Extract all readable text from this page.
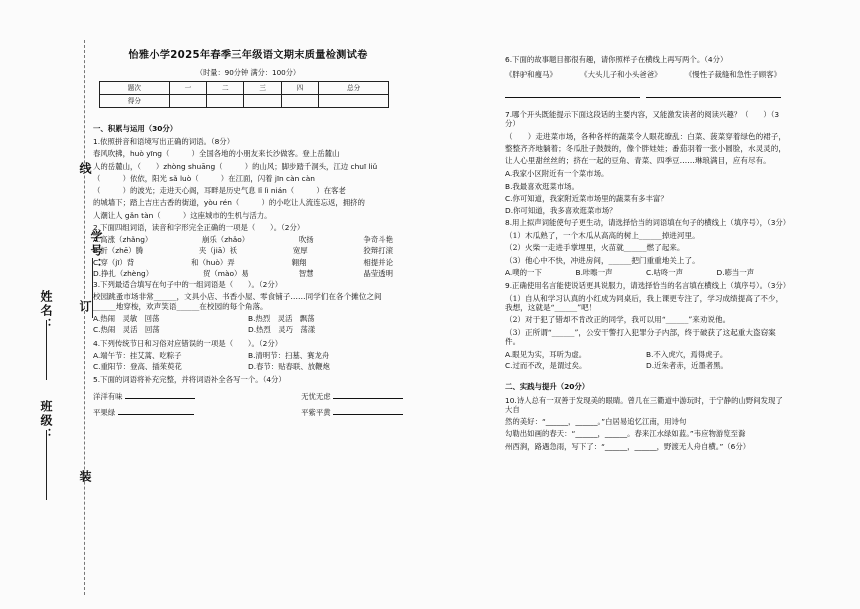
班级：
姓名：
学号：
线
订
装
怡雅小学2025年春季三年级语文期末质量检测试卷
（时量：90分钟 满分：100分）
题次	一	二	三	四	总分
得分					
一、积累与运用（30分）

1.依照拼音和语境写出正确的词语。（8分）

春风吹拂，huò yīng（　　　）全国各地的小朋友来长沙做客。登上岳麓山

人的岳麓山，（　　）zhòng shuāng（　　　）的山风；脚步踏千洞头，江边 chuī liǔ

（　　　）依依，阳光 sǎ luò（　　　）在江面，闪着 jīn càn càn

（　　　）的波光；走进天心阁，耳畔是历史气息 lǐ lì nián（　　　）在客老

的城墙下；踏上吉庄古香的街道，yòu rén（　　　）的小吃让人流连忘返，拥挤的

人潮让人 gǎn tàn（　　　）这座城市的生机与活力。

2.下面四组词语，读音和字形完全正确的一项是（　　）。（2分）

A.高涨（zhǎng）	崩乐（zhǎo）	吹扬	争奇斗艳
B.折（zhē）腾	夹（jiā）袄	宽厚	狡辩打滚
C.穿（jī）背	和（huò）弄	翱翔	相提并论
D.挣扎（zhèng）	贸（mào）易	智慧	晶莹透明

3.下列最适合填写在句子中的一组词语是（　　）。（2分）

校园跳蚤市场非常______，文具小店、书香小屋、零食铺子……同学们在各个摊位之间______地穿梭，欢声笑语______在校园的每个角落。

A.热闹　灵敏　回荡	B.热烈　灵活　飘荡
C.热闹　灵活　回荡	D.热烈　灵巧　荡漾

4.下列传统节日和习俗对应错误的一项是（　　）。（2分）

A.端午节：挂艾蒿、吃粽子	B.清明节：扫墓、赛龙舟
C.重阳节：登高、插茱萸花	D.春节：贴春联、放鞭炮

5.下面的词语将补充完整，并将词语补全各写一个。（4分）

洋洋有味	无忧无虑
平果绿	平紫平黄

6.下面的故事题目都很有趣，请你照样子在横线上再写两个。（4分）

《胖驴和瘦马》	《大头儿子和小头爸爸》	《慢性子裁缝和急性子顾客》

7.哪个开头既能提示下面这段话的主要内容，又能激发读者的阅读兴趣？（　　）（3分）

（　　）走进菜市场，各种各样的蔬菜令人眼花缭乱：白菜、菠菜穿着绿色的裙子，整整齐齐地躺着；冬瓜肚子鼓鼓的，像个胖娃娃；番茄羽着一张小圆脸，水灵灵的，让人心里甜丝丝的；挤在一起的豆角、青菜、四季豆……琳琅满目，应有尽有。

A.我家小区附近有一个菜市场。

B.我最喜欢逛菜市场。

C.你可知道，我家附近菜市场里的蔬菜有多丰富？

D.你可知道，我多喜欢逛菜市场？

8.用上拟声词能使句子更生动，请选择恰当的词语填在句子的横线上（填序号），（3分）

（1）木瓜熟了，一个木瓜从高高的树上______掉进河里。

（2）火柴一走进手掌埋里，火苗就______燃了起来。

（3）他心中不快，冲进房间，______把门重重地关上了。

A.噗的一下	B.咔嚓一声	C.咕咚一声	D.嘭当一声

9.正确使用名言能使说话更具说服力，请选择恰当的名言填在横线上（填序号）。（3分）

（1）自从和学习认真的小红成为同桌后，我上课更专注了，学习成绩提高了不少，我想，这就是“______”吧！

（2）对于犯了错却不肯改正的同学，我可以用“______”来劝说他。

（3）正所谓“______”，公安干警打入犯罪分子内部，终于破获了这起重大盗窃案件。

A.眼见为实，耳听为虚。	B.不入虎穴，焉得虎子。
C.过而不改，是谓过矣。	D.近朱者赤，近墨者黑。
二、实践与提升（20分）

10.诗人总有一双善于发现美的眼睛。曾几在三衢道中游玩时，于宁静的山野间发现了大自

然的美好：“______，______。”白居易追忆江南，用诗句

勾勒出如画的春天：“______，______。春来江水绿如蓝。”韦应物游览至滁

州西涧，路遇急雨，写下了：“______，______，野渡无人舟自横。”（6分）
